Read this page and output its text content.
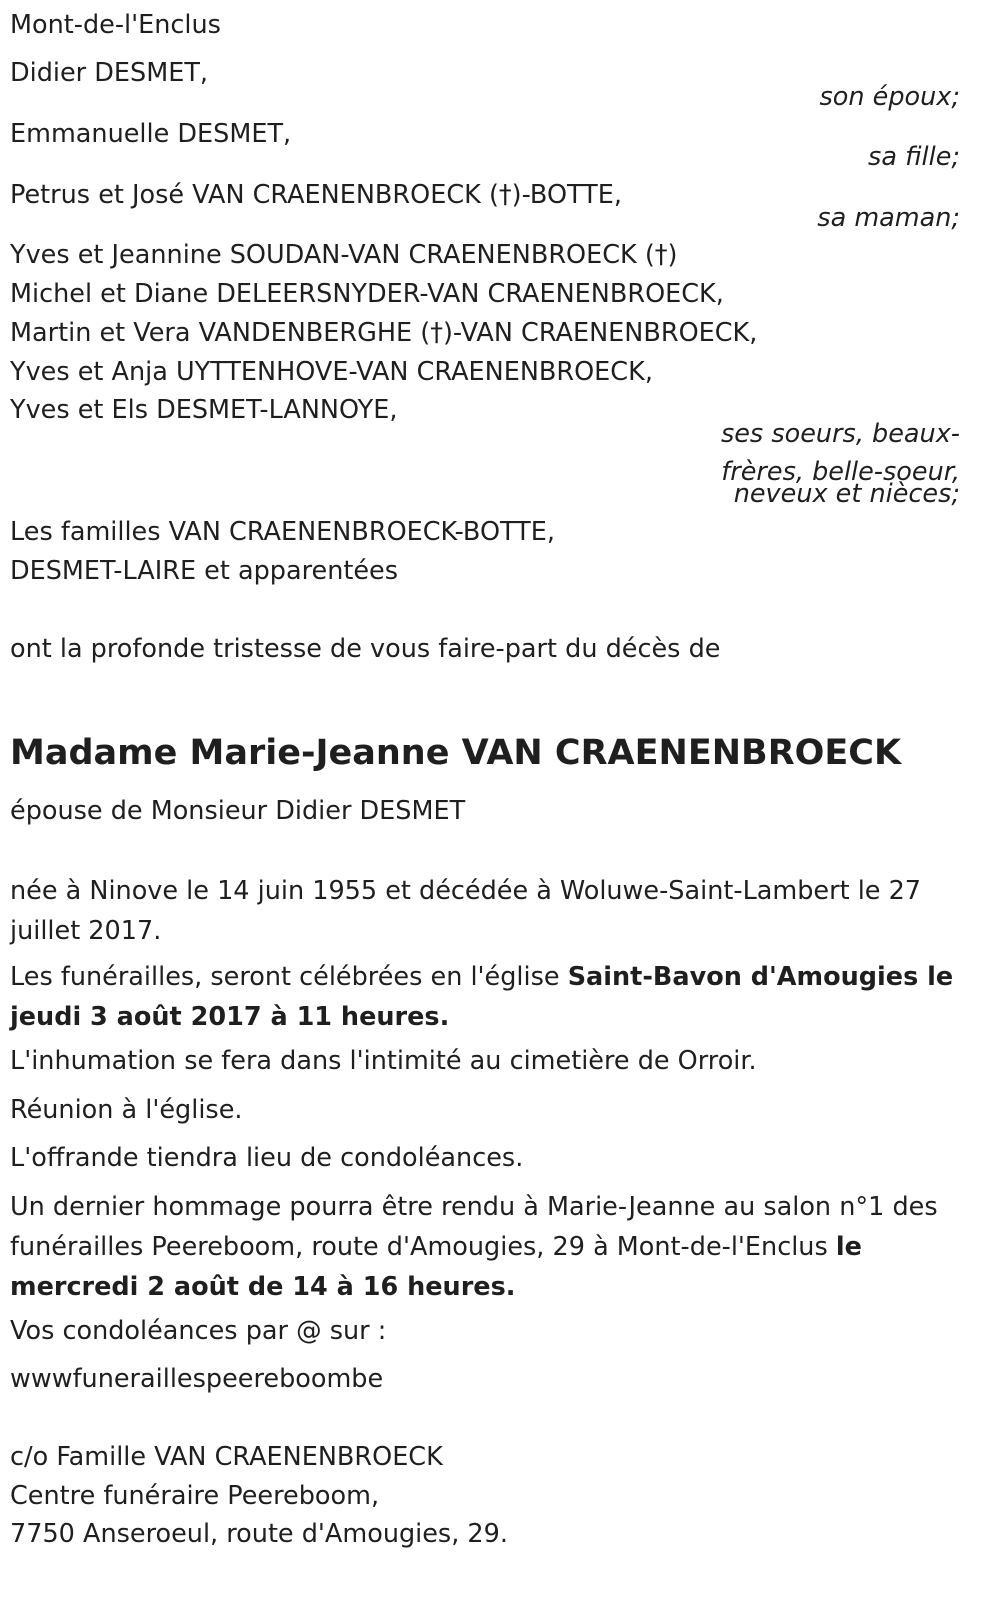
Mont-de-l'Enclus
Didier DESMET,
son époux;
Emmanuelle DESMET,
sa fille;
Petrus et José VAN CRAENENBROECK (†)-BOTTE,
sa maman;
Yves et Jeannine SOUDAN-VAN CRAENENBROECK (†)
Michel et Diane DELEERSNYDER-VAN CRAENENBROECK,
Martin et Vera VANDENBERGHE (†)-VAN CRAENENBROECK,
Yves et Anja UYTTENHOVE-VAN CRAENENBROECK,
Yves et Els DESMET-LANNOYE,
ses soeurs, beaux-
frères, belle-soeur,
neveux et nièces;
Les familles VAN CRAENENBROECK-BOTTE,
DESMET-LAIRE et apparentées
ont la profonde tristesse de vous faire-part du décès de
Madame Marie-Jeanne VAN CRAENENBROECK
épouse de Monsieur Didier DESMET
née à Ninove le 14 juin 1955 et décédée à Woluwe-Saint-Lambert le 27 juillet 2017.
Les funérailles, seront célébrées en l'église Saint-Bavon d'Amougies le jeudi 3 août 2017 à 11 heures.
L'inhumation se fera dans l'intimité au cimetière de Orroir.
Réunion à l'église.
L'offrande tiendra lieu de condoléances.
Un dernier hommage pourra être rendu à Marie-Jeanne au salon n°1 des funérailles Peereboom, route d'Amougies, 29 à Mont-de-l'Enclus le mercredi 2 août de 14 à 16 heures.
Vos condoléances par @ sur :
wwwfuneraillespeereboombe
c/o Famille VAN CRAENENBROECK
Centre funéraire Peereboom,
7750 Anseroeul, route d'Amougies, 29.
